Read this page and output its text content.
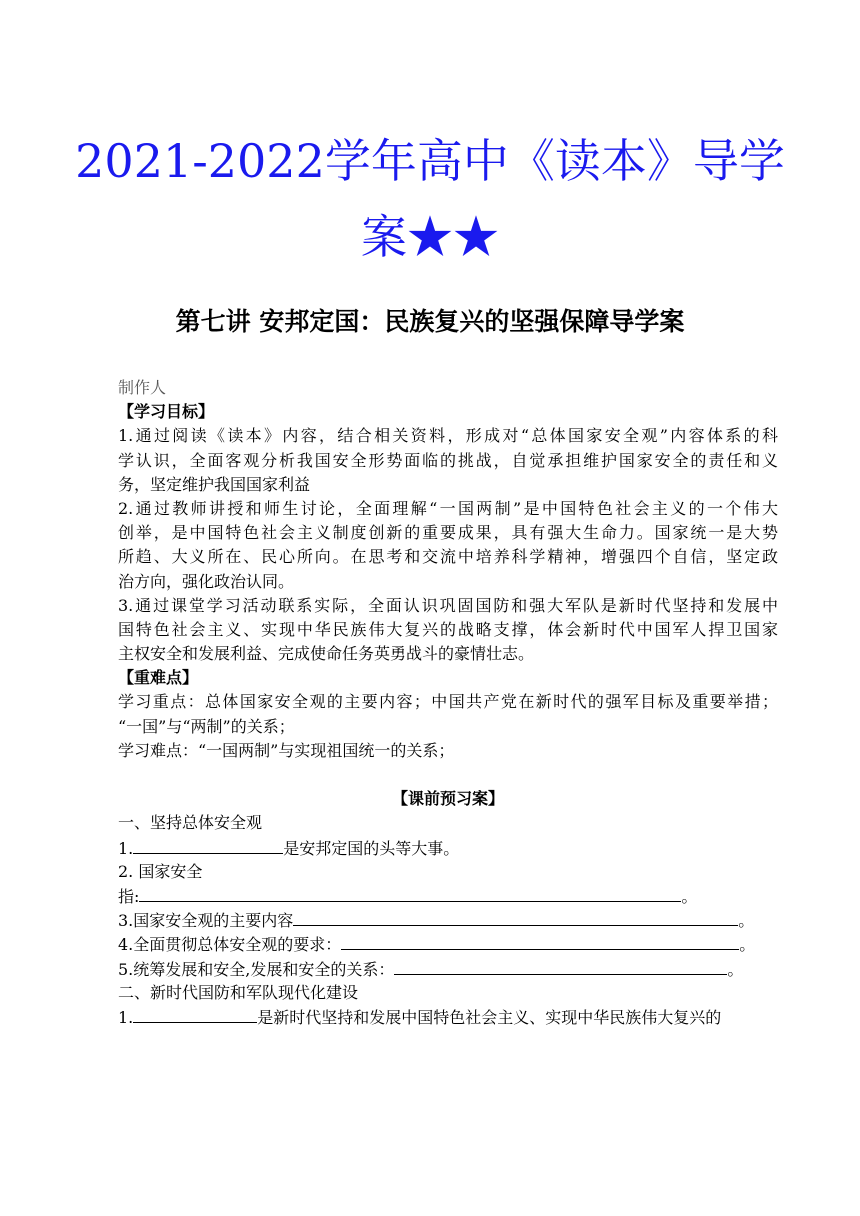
2021-2022学年高中《读本》导学
案★★
第七讲 安邦定国：民族复兴的坚强保障导学案
制作人
【学习目标】
1.通过阅读《读本》内容，结合相关资料，形成对“总体国家安全观”内容体系的科
学认识，全面客观分析我国安全形势面临的挑战，自觉承担维护国家安全的责任和义
务，坚定维护我国国家利益
2.通过教师讲授和师生讨论，全面理解“一国两制”是中国特色社会主义的一个伟大
创举，是中国特色社会主义制度创新的重要成果，具有强大生命力。国家统一是大势
所趋、大义所在、民心所向。在思考和交流中培养科学精神，增强四个自信，坚定政
治方向，强化政治认同。
3.通过课堂学习活动联系实际，全面认识巩固国防和强大军队是新时代坚持和发展中
国特色社会主义、实现中华民族伟大复兴的战略支撑，体会新时代中国军人捍卫国家
主权安全和发展利益、完成使命任务英勇战斗的豪情壮志。
【重难点】
学习重点：总体国家安全观的主要内容；中国共产党在新时代的强军目标及重要举措；
“一国”与“两制”的关系；
学习难点：“一国两制”与实现祖国统一的关系；
【课前预习案】
一、坚持总体安全观
1.	是安邦定国的头等大事。
2. 国家安全
指:	。
3.国家安全观的主要内容	。
4.全面贯彻总体安全观的要求：	。
5.统筹发展和安全,发展和安全的关系：	。
二、新时代国防和军队现代化建设
1.	是新时代坚持和发展中国特色社会主义、实现中华民族伟大复兴的
